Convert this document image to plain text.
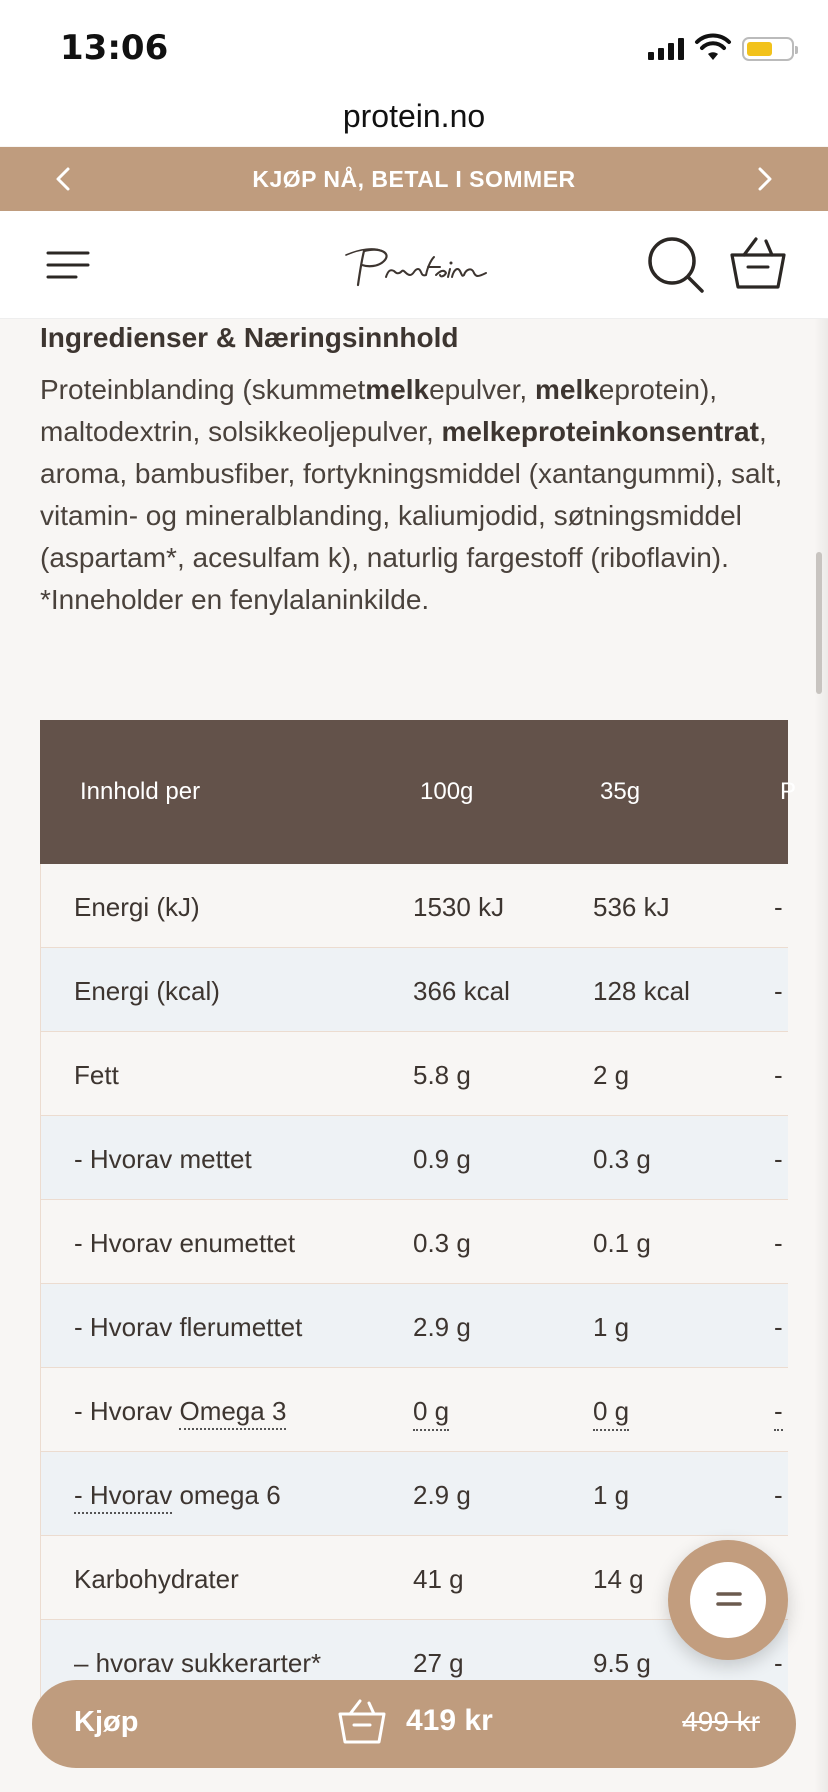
13:06
protein.no
KJØP NÅ, BETAL I SOMMER
Ingredienser & Næringsinnhold

Proteinblanding (skummetmelkepulver, melkeprotein), maltodextrin, solsikkeoljepulver, melkeproteinkonsentrat, aroma, bambusfiber, fortykningsmiddel (xantangummi), salt, vitamin- og mineralblanding, kaliumjodid, søtningsmiddel (aspartam*, acesulfam k), naturlig fargestoff (riboflavin). *Inneholder en fenylalaninkilde.

Innhold per	100g	35g	P
Energi (kJ)	1530 kJ	536 kJ	-
Energi (kcal)	366 kcal	128 kcal	-
Fett	5.8 g	2 g	-
- Hvorav mettet	0.9 g	0.3 g	-
- Hvorav enumettet	0.3 g	0.1 g	-
- Hvorav flerumettet	2.9 g	1 g	-
- Hvorav Omega 3	0 g	0 g	-
- Hvorav omega 6	2.9 g	1 g	-
Karbohydrater	41 g	14 g
– hvorav sukkerarter*	27 g	9.5 g	-
Kjøp	419 kr	499 kr
